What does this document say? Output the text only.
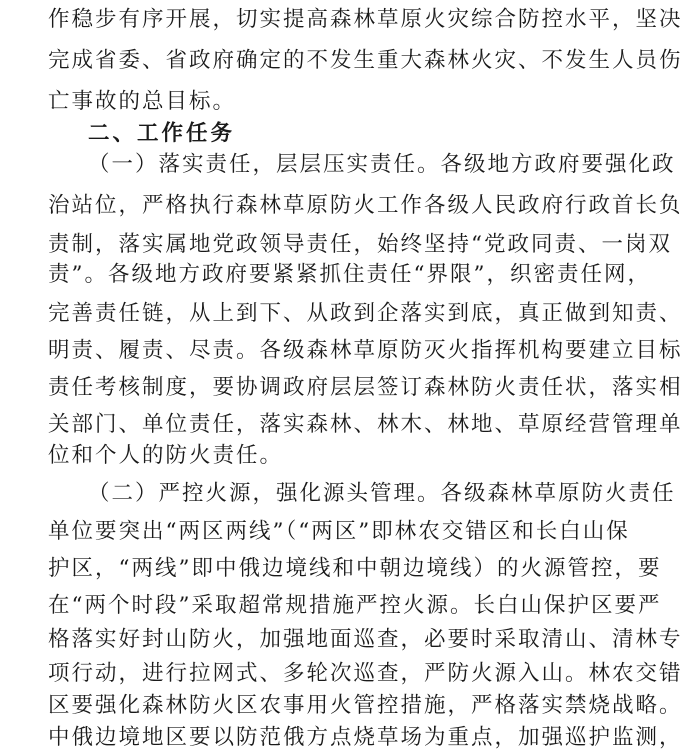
作稳步有序开展，切实提高森林草原火灾综合防控水平，坚决
完成省委、省政府确定的不发生重大森林火灾、不发生人员伤
亡事故的总目标。
二、工作任务
（一）落实责任，层层压实责任。各级地方政府要强化政
治站位，严格执行森林草原防火工作各级人民政府行政首长负
责制，落实属地党政领导责任，始终坚持“党政同责、一岗双
责”。各级地方政府要紧紧抓住责任“界限”，织密责任网，
完善责任链，从上到下、从政到企落实到底，真正做到知责、
明责、履责、尽责。各级森林草原防灭火指挥机构要建立目标
责任考核制度，要协调政府层层签订森林防火责任状，落实相
关部门、单位责任，落实森林、林木、林地、草原经营管理单
位和个人的防火责任。
（二）严控火源，强化源头管理。各级森林草原防火责任
单位要突出“两区两线”（“两区”即林农交错区和长白山保
护区，“两线”即中俄边境线和中朝边境线）的火源管控，要
在“两个时段”采取超常规措施严控火源。长白山保护区要严
格落实好封山防火，加强地面巡查，必要时采取清山、清林专
项行动，进行拉网式、多轮次巡查，严防火源入山。林农交错
区要强化森林防火区农事用火管控措施，严格落实禁烧战略。
中俄边境地区要以防范俄方点烧草场为重点，加强巡护监测，
